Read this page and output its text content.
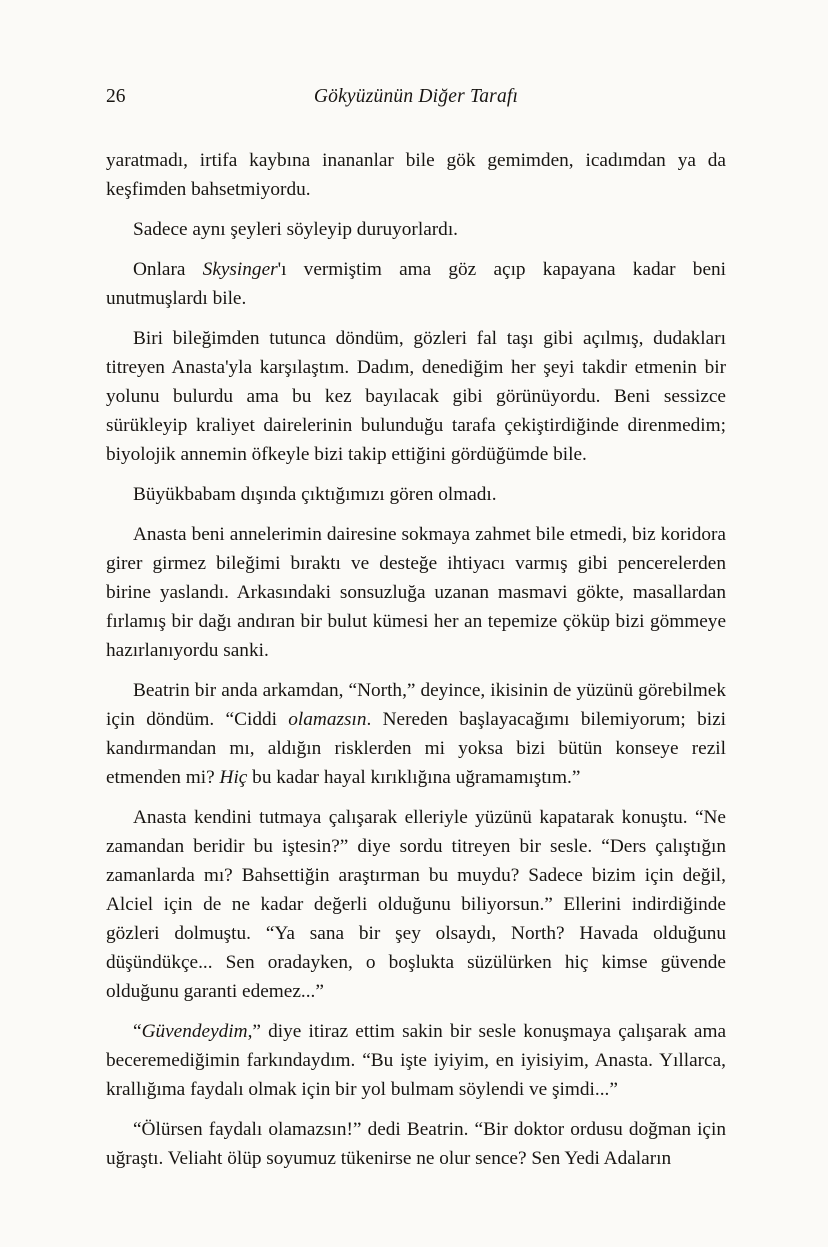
26	Gökyüzünün Diğer Tarafı

yaratmadı, irtifa kaybına inananlar bile gök gemimden, icadımdan ya da keşfimden bahsetmiyordu.

Sadece aynı şeyleri söyleyip duruyorlardı.

Onlara Skysinger'ı vermiştim ama göz açıp kapayana kadar beni unutmuşlardı bile.

Biri bileğimden tutunca döndüm, gözleri fal taşı gibi açılmış, dudakları titreyen Anasta'yla karşılaştım. Dadım, denediğim her şeyi takdir etmenin bir yolunu bulurdu ama bu kez bayılacak gibi görünüyordu. Beni sessizce sürükleyip kraliyet dairelerinin bulunduğu tarafa çekiştirdiğinde direnmedim; biyolojik annemin öfkeyle bizi takip ettiğini gördüğümde bile.

Büyükbabam dışında çıktığımızı gören olmadı.

Anasta beni annelerimin dairesine sokmaya zahmet bile etmedi, biz koridora girer girmez bileğimi bıraktı ve desteğe ihtiyacı varmış gibi pencerelerden birine yaslandı. Arkasındaki sonsuzluğa uzanan masmavi gökte, masallardan fırlamış bir dağı andıran bir bulut kümesi her an tepemize çöküp bizi gömmeye hazırlanıyordu sanki.

Beatrin bir anda arkamdan, “North,” deyince, ikisinin de yüzünü görebilmek için döndüm. “Ciddi olamazsın. Nereden başlayacağımı bilemiyorum; bizi kandırmandan mı, aldığın risklerden mi yoksa bizi bütün konseye rezil etmenden mi? Hiç bu kadar hayal kırıklığına uğramamıştım.”

Anasta kendini tutmaya çalışarak elleriyle yüzünü kapatarak konuştu. “Ne zamandan beridir bu iştesin?” diye sordu titreyen bir sesle. “Ders çalıştığın zamanlarda mı? Bahsettiğin araştırman bu muydu? Sadece bizim için değil, Alciel için de ne kadar değerli olduğunu biliyorsun.” Ellerini indirdiğinde gözleri dolmuştu. “Ya sana bir şey olsaydı, North? Havada olduğunu düşündükçe... Sen oradayken, o boşlukta süzülürken hiç kimse güvende olduğunu garanti edemez...”

“Güvendeydim,” diye itiraz ettim sakin bir sesle konuşmaya çalışarak ama beceremediğimin farkındaydım. “Bu işte iyiyim, en iyisiyim, Anasta. Yıllarca, krallığıma faydalı olmak için bir yol bulmam söylendi ve şimdi...”

“Ölürsen faydalı olamazsın!” dedi Beatrin. “Bir doktor ordusu doğman için uğraştı. Veliaht ölüp soyumuz tükenirse ne olur sence? Sen Yedi Adaların
